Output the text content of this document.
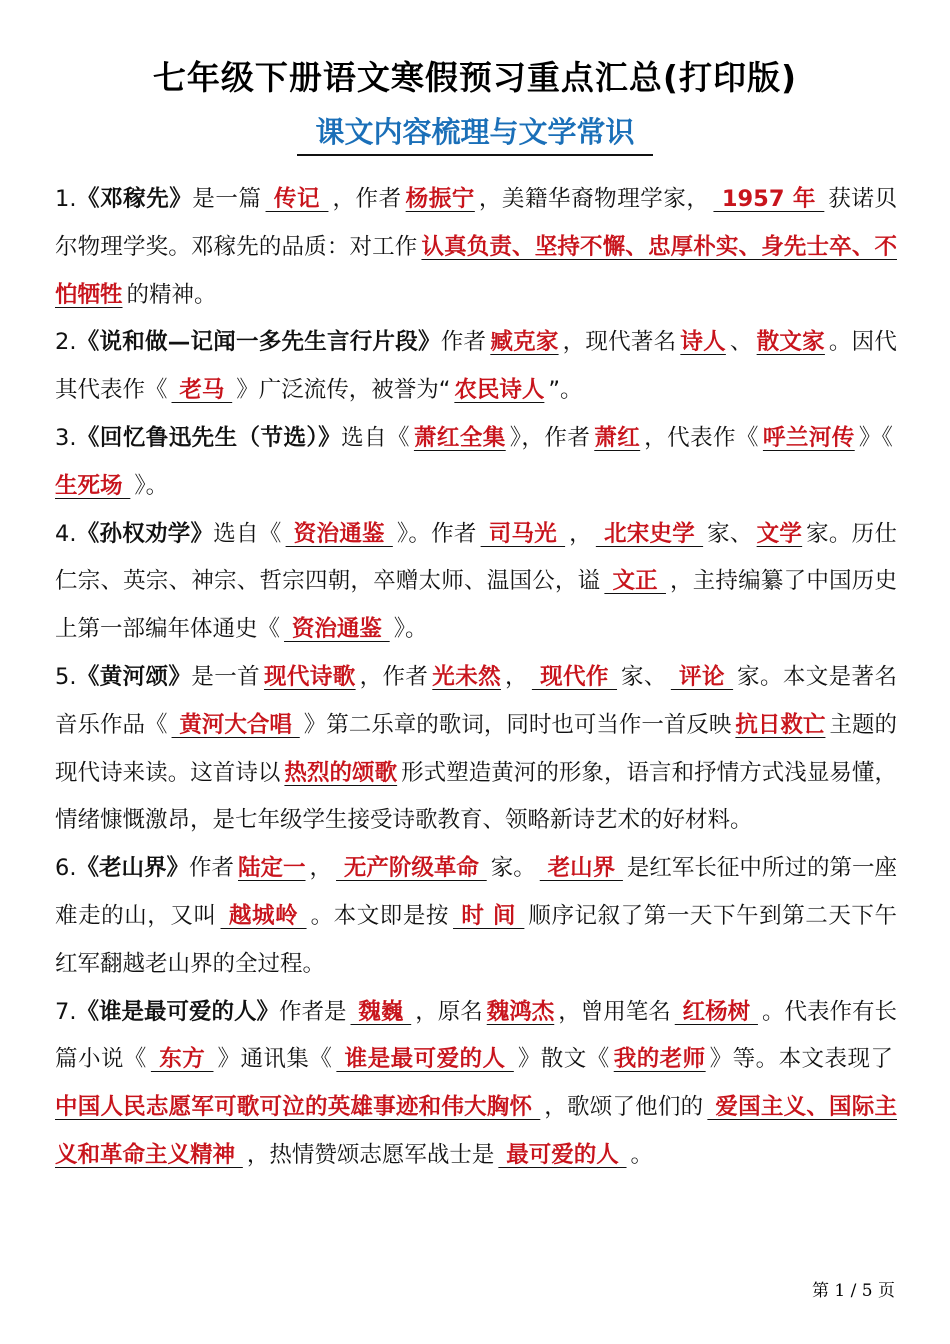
七年级下册语文寒假预习重点汇总(打印版)
课文内容梳理与文学常识

1.《邓稼先》是一篇 传记 ，作者 杨振宁 ，美籍华裔物理学家， 1957 年 获诺贝尔物理学奖。邓稼先的品质：对工作 认真负责、坚持不懈、忠厚朴实、身先士卒、不怕牺牲 的精神。

2.《说和做—记闻一多先生言行片段》作者 臧克家 ，现代著名 诗人 、 散文家 。因代其代表作《 老马 》广泛流传，被誉为“ 农民诗人 ”。

3.《回忆鲁迅先生（节选）》选自《 萧红全集 》，作者 萧红 ，代表作《 呼兰河传 》《 生死场 》。

4.《孙权劝学》选自《 资治通鉴 》。作者 司马光 ， 北宋史学 家、 文学 家。历仕仁宗、英宗、神宗、哲宗四朝，卒赠太师、温国公，谥 文正 ，主持编纂了中国历史上第一部编年体通史《 资治通鉴 》。

5.《黄河颂》是一首 现代诗歌 ，作者 光未然 ， 现代作 家、 评论 家。本文是著名音乐作品《 黄河大合唱 》第二乐章的歌词，同时也可当作一首反映 抗日救亡 主题的现代诗来读。这首诗以 热烈的颂歌 形式塑造黄河的形象，语言和抒情方式浅显易懂，情绪慷慨激昂，是七年级学生接受诗歌教育、领略新诗艺术的好材料。

6.《老山界》作者 陆定一 ， 无产阶级革命 家。 老山界 是红军长征中所过的第一座难走的山，又叫 越城岭 。本文即是按 时 间 顺序记叙了第一天下午到第二天下午红军翻越老山界的全过程。

7.《谁是最可爱的人》作者是 魏巍 ，原名 魏鸿杰 ，曾用笔名 红杨树 。代表作有长篇小说《 东方 》通讯集《 谁是最可爱的人 》散文《 我的老师 》等。本文表现了 中国人民志愿军可歌可泣的英雄事迹和伟大胸怀 ，歌颂了他们的 爱国主义、国际主义和革命主义精神 ，热情赞颂志愿军战士是 最可爱的人 。

第 1 / 5 页
